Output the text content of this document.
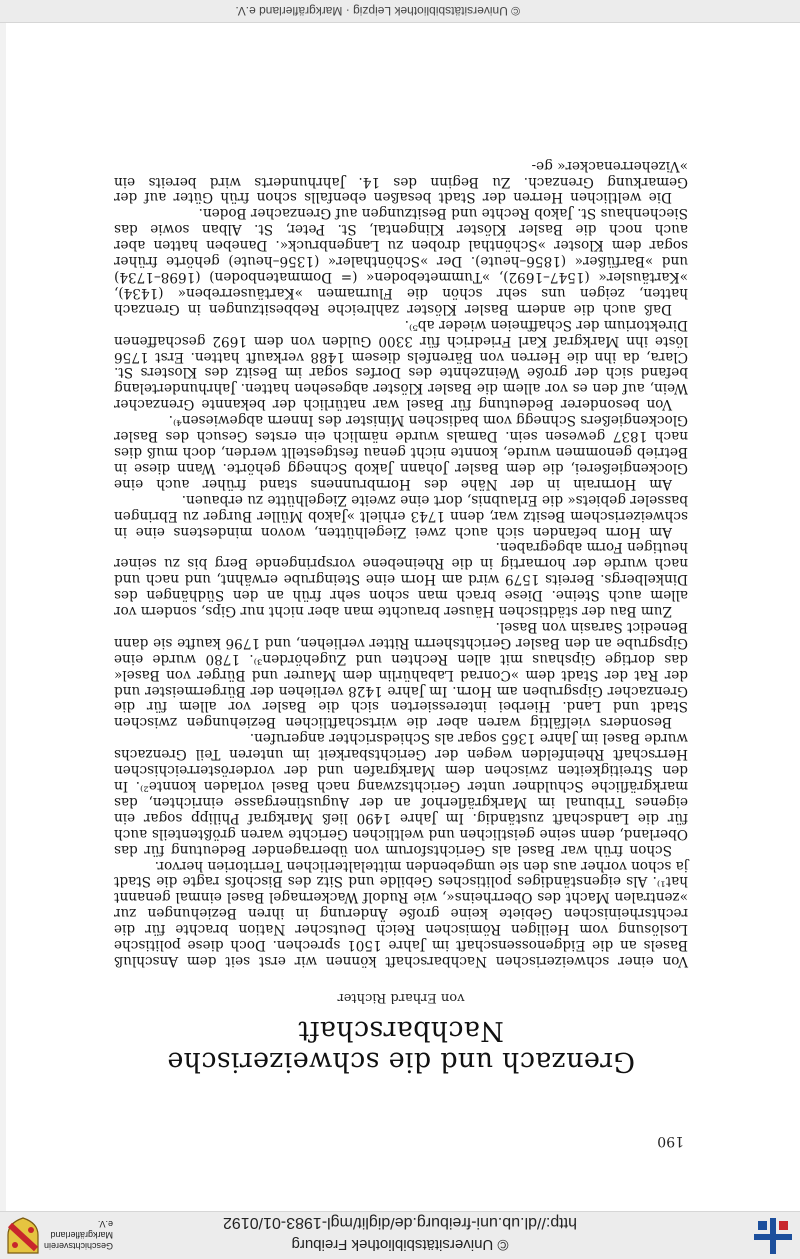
© Universitätsbibliothek Freiburg
http://dl.ub.uni-freiburg.de/diglit/mgl-1983-01/0192
Geschichtsverein
Markgräflerland e.V.
190
Grenzach und die schweizerische Nachbarschaft
von Erhard Richter

Von einer schweizerischen Nachbarschaft können wir erst seit dem Anschluß Basels an die Eidgenossenschaft im Jahre 1501 sprechen. Doch diese politische Loslösung vom Heiligen Römischen Reich Deutscher Nation brachte für die rechtsrheinischen Gebiete keine große Änderung in ihren Beziehungen zur »zentralen Macht des Oberrheins«, wie Rudolf Wackernagel Basel einmal genannt hat¹⁾. Als eigenständiges politisches Gebilde und Sitz des Bischofs ragte die Stadt ja schon vorher aus den sie umgebenden mittelalterlichen Territorien hervor.

Schon früh war Basel als Gerichtsforum von überragender Bedeutung für das Oberland, denn seine geistlichen und weltlichen Gerichte waren größtenteils auch für die Landschaft zuständig. Im Jahre 1490 ließ Markgraf Philipp sogar ein eigenes Tribunal im Markgräflerhof an der Augustinergasse einrichten, das markgräfliche Schuldner unter Gerichtszwang nach Basel vorladen konnte²⁾. In den Streitigkeiten zwischen dem Markgrafen und der vorderösterreichischen Herrschaft Rheinfelden wegen der Gerichtsbarkeit im unteren Teil Grenzachs wurde Basel im Jahre 1365 sogar als Schiedsrichter angerufen.

Besonders vielfältig waren aber die wirtschaftlichen Beziehungen zwischen Stadt und Land. Hierbei interessierten sich die Basler vor allem für die Grenzacher Gipsgruben am Horn. Im Jahre 1428 verliehen der Bürgermeister und der Rat der Stadt dem »Conrad Labahürlin dem Maurer und Bürger von Basel« das dortige Gipshaus mit allen Rechten und Zugehörden³⁾. 1780 wurde eine Gipsgrube an den Basler Gerichtsherrn Ritter verliehen, und 1796 kaufte sie dann Benedict Sarasin von Basel.

Zum Bau der städtischen Häuser brauchte man aber nicht nur Gips, sondern vor allem auch Steine. Diese brach man schon sehr früh an den Südhängen des Dinkelbergs. Bereits 1579 wird am Horn eine Steingrube erwähnt, und nach und nach wurde der hornartig in die Rheinebene vorspringende Berg bis zu seiner heutigen Form abgegraben.

Am Horn befanden sich auch zwei Ziegelhütten, wovon mindestens eine in schweizerischem Besitz war, denn 1743 erhielt »Jakob Müller Burger zu Ebringen basseler gebiets« die Erlaubnis, dort eine zweite Ziegelhütte zu erbauen.

Am Hornrain in der Nähe des Hornbrunnens stand früher auch eine Glockengießerei, die dem Basler Johann Jakob Schnegg gehörte. Wann diese in Betrieb genommen wurde, konnte nicht genau festgestellt werden, doch muß dies nach 1837 gewesen sein. Damals wurde nämlich ein erstes Gesuch des Basler Glockengießers Schnegg vom badischen Minister des Innern abgewiesen⁴⁾.

Von besonderer Bedeutung für Basel war natürlich der bekannte Grenzacher Wein, auf den es vor allem die Basler Klöster abgesehen hatten. Jahrhundertelang befand sich der große Weinzehnte des Dorfes sogar im Besitz des Klosters St. Clara, da ihn die Herren von Bärenfels diesem 1488 verkauft hatten. Erst 1756 löste ihn Markgraf Karl Friedrich für 3300 Gulden von dem 1692 geschaffenen Direktorium der Schaffneien wieder ab⁵⁾.

Daß auch die andern Basler Klöster zahlreiche Rebbesitzungen in Grenzach hatten, zeigen uns sehr schön die Flurnamen »Kartäuserreben« (1434), »Kartäusler« (1547–1692), »Tummeteboden« (= Dommatenboden) (1698–1734) und »Barfüßer« (1856–heute). Der »Schönthaler« (1356–heute) gehörte früher sogar dem Kloster »Schönthal droben zu Langenbruck«. Daneben hatten aber auch noch die Basler Klöster Klingental, St. Peter, St. Alban sowie das Siechenhaus St. Jakob Rechte und Besitzungen auf Grenzacher Boden.

Die weltlichen Herren der Stadt besaßen ebenfalls schon früh Güter auf der Gemarkung Grenzach. Zu Beginn des 14. Jahrhunderts wird bereits ein »Vizeherrenacker« ge-

© Universitätsbibliothek Leipzig · Markgräflerland e.V.
